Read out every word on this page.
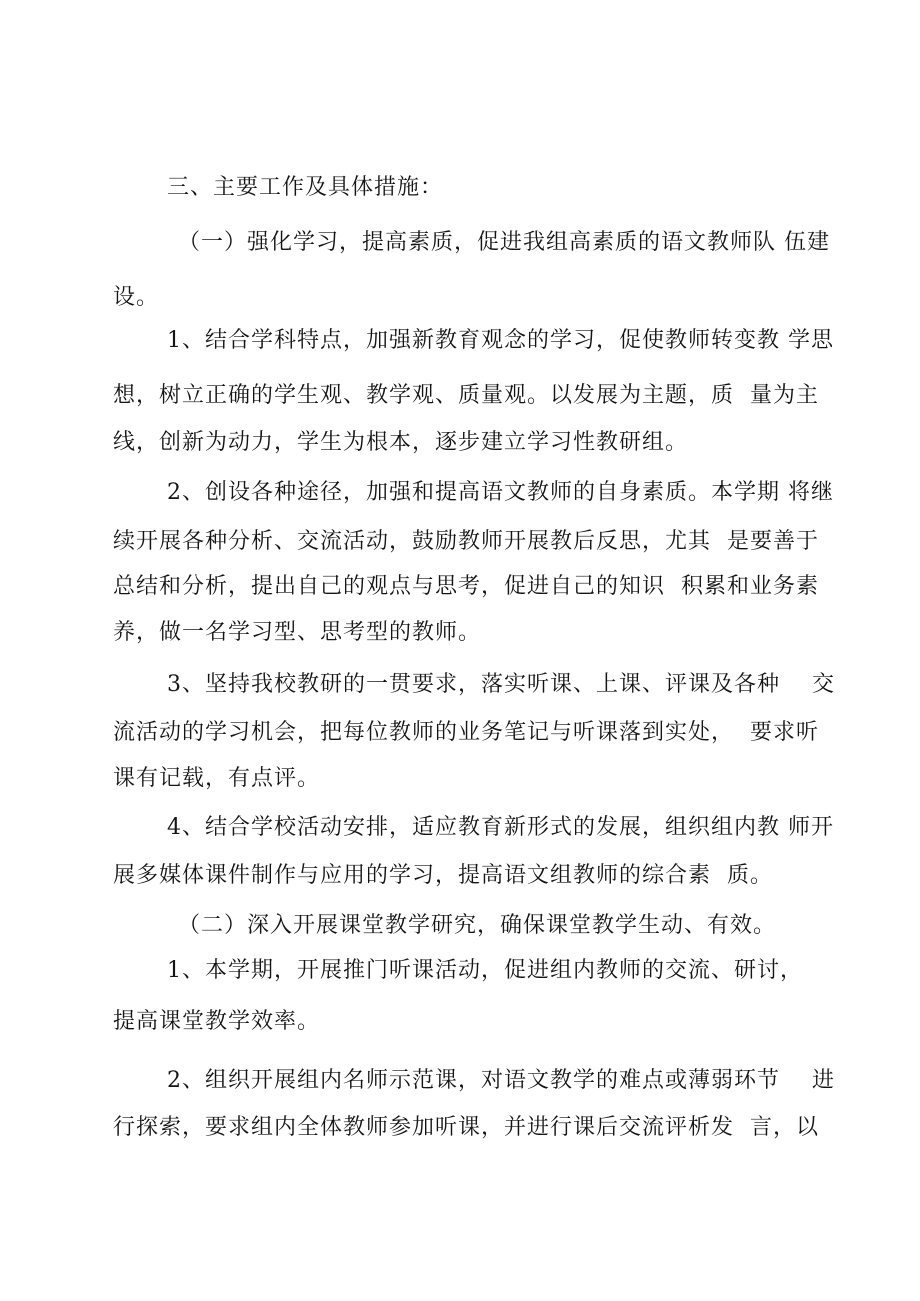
三、主要工作及具体措施：
（一）强化学习，提高素质，促进我组高素质的语文教师队 伍建
设。
1、结合学科特点，加强新教育观念的学习，促使教师转变教 学思
想，树立正确的学生观、教学观、质量观。以发展为主题，质  量为主
线，创新为动力，学生为根本，逐步建立学习性教研组。
2、创设各种途径，加强和提高语文教师的自身素质。本学期 将继
续开展各种分析、交流活动，鼓励教师开展教后反思，尤其  是要善于
总结和分析，提出自己的观点与思考，促进自己的知识  积累和业务素
养，做一名学习型、思考型的教师。
3、坚持我校教研的一贯要求，落实听课、上课、评课及各种    交
流活动的学习机会，把每位教师的业务笔记与听课落到实处，  要求听
课有记载，有点评。
4、结合学校活动安排，适应教育新形式的发展，组织组内教 师开
展多媒体课件制作与应用的学习，提高语文组教师的综合素  质。
（二）深入开展课堂教学研究，确保课堂教学生动、有效。
1、本学期，开展推门听课活动，促进组内教师的交流、研讨，
提高课堂教学效率。
2、组织开展组内名师示范课，对语文教学的难点或薄弱环节    进
行探索，要求组内全体教师参加听课，并进行课后交流评析发  言，以
